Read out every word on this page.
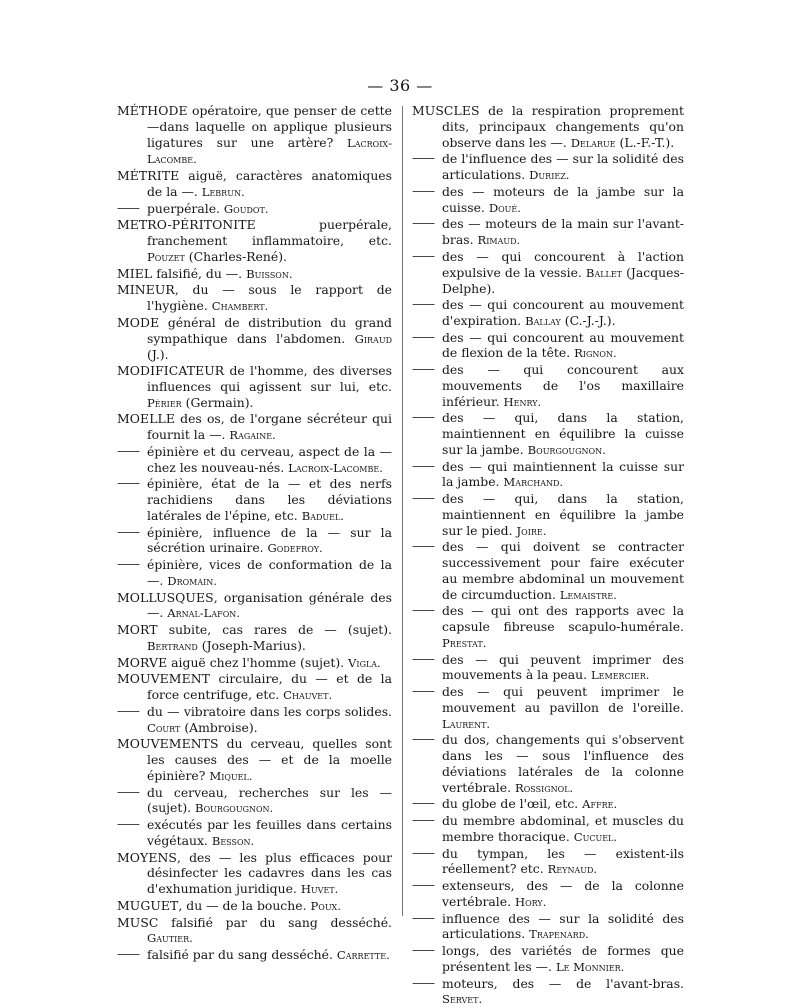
— 36 —
MÉTHODE opératoire, que penser de cette —dans laquelle on applique plusieurs ligatures sur une artère? Lacroix-Lacombe.
MÉTRITE aiguë, caractères anatomiques de la —. Lebrun.
—— puerpérale. Goudot.
METRO-PÉRITONITE puerpérale, franchement inflammatoire, etc. Pouzet (Charles-René).
MIEL falsifié, du —. Buisson.
MINEUR, du — sous le rapport de l'hygiène. Chambert.
MODE général de distribution du grand sympathique dans l'abdomen. Giraud (J.).
MODIFICATEUR de l'homme, des diverses influences qui agissent sur lui, etc. Périer (Germain).
MOELLE des os, de l'organe sécréteur qui fournit la —. Ragaine.
—— épinière et du cerveau, aspect de la — chez les nouveau-nés. Lacroix-Lacombe.
—— épinière, état de la — et des nerfs rachidiens dans les déviations latérales de l'épine, etc. Baduel.
—— épinière, influence de la — sur la sécrétion urinaire. Godefroy.
—— épinière, vices de conformation de la —. Dromain.
MOLLUSQUES, organisation générale des —. Arnal-Lafon.
MORT subite, cas rares de — (sujet). Bertrand (Joseph-Marius).
MORVE aiguë chez l'homme (sujet). Vigla.
MOUVEMENT circulaire, du — et de la force centrifuge, etc. Chauvet.
—— du — vibratoire dans les corps solides. Court (Ambroise).
MOUVEMENTS du cerveau, quelles sont les causes des — et de la moelle épinière? Miquel.
—— du cerveau, recherches sur les — (sujet). Bourgougnon.
—— exécutés par les feuilles dans certains végétaux. Besson.
MOYENS, des — les plus efficaces pour désinfecter les cadavres dans les cas d'exhumation juridique. Huvet.
MUGUET, du — de la bouche. Poux.
MUSC falsifié par du sang desséché. Gautier.
—— falsifié par du sang desséché. Carrette.
MUSCLES de la respiration proprement dits, principaux changements qu'on observe dans les —. Delarue (L.-F.-T.).
—— de l'influence des — sur la solidité des articulations. Duriez.
—— des — moteurs de la jambe sur la cuisse. Doué.
—— des — moteurs de la main sur l'avant-bras. Rimaud.
—— des — qui concourent à l'action expulsive de la vessie. Ballet (Jacques-Delphe).
—— des — qui concourent au mouvement d'expiration. Ballay (C.-J.-J.).
—— des — qui concourent au mouvement de flexion de la tête. Rignon.
—— des — qui concourent aux mouvements de l'os maxillaire inférieur. Henry.
—— des — qui, dans la station, maintiennent en équilibre la cuisse sur la jambe. Bourgougnon.
—— des — qui maintiennent la cuisse sur la jambe. Marchand.
—— des — qui, dans la station, maintiennent en équilibre la jambe sur le pied. Joire.
—— des — qui doivent se contracter successivement pour faire exécuter au membre abdominal un mouvement de circumduction. Lemaistre.
—— des — qui ont des rapports avec la capsule fibreuse scapulo-humérale. Prestat.
—— des — qui peuvent imprimer des mouvements à la peau. Lemercier.
—— des — qui peuvent imprimer le mouvement au pavillon de l'oreille. Laurent.
—— du dos, changements qui s'observent dans les — sous l'influence des déviations latérales de la colonne vertébrale. Rossignol.
—— du globe de l'œil, etc. Affre.
—— du membre abdominal, et muscles du membre thoracique. Cucuel.
—— du tympan, les — existent-ils réellement? etc. Reynaud.
—— extenseurs, des — de la colonne vertébrale. Hory.
—— influence des — sur la solidité des articulations. Trapenard.
—— longs, des variétés de formes que présentent les —. Le Monnier.
—— moteurs, des — de l'avant-bras. Servet.
